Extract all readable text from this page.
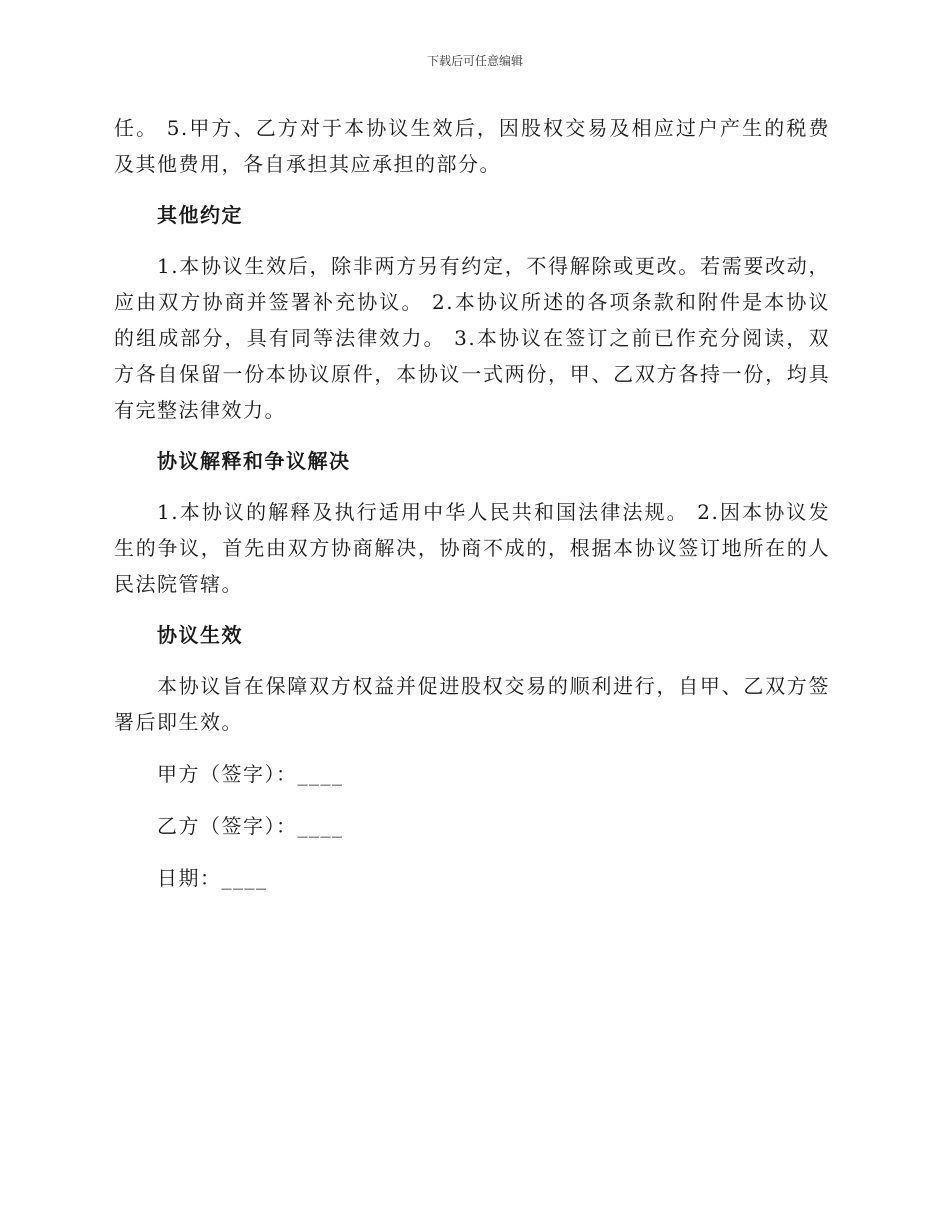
下载后可任意编辑

任。 5.甲方、乙方对于本协议生效后，因股权交易及相应过户产生的税费及其他费用，各自承担其应承担的部分。

其他约定

1.本协议生效后，除非两方另有约定，不得解除或更改。若需要改动，应由双方协商并签署补充协议。 2.本协议所述的各项条款和附件是本协议的组成部分，具有同等法律效力。 3.本协议在签订之前已作充分阅读，双方各自保留一份本协议原件，本协议一式两份，甲、乙双方各持一份，均具有完整法律效力。

协议解释和争议解决

1.本协议的解释及执行适用中华人民共和国法律法规。 2.因本协议发生的争议，首先由双方协商解决，协商不成的，根据本协议签订地所在的人民法院管辖。

协议生效

本协议旨在保障双方权益并促进股权交易的顺利进行，自甲、乙双方签署后即生效。

甲方（签字）：____

乙方（签字）：____

日期：____
